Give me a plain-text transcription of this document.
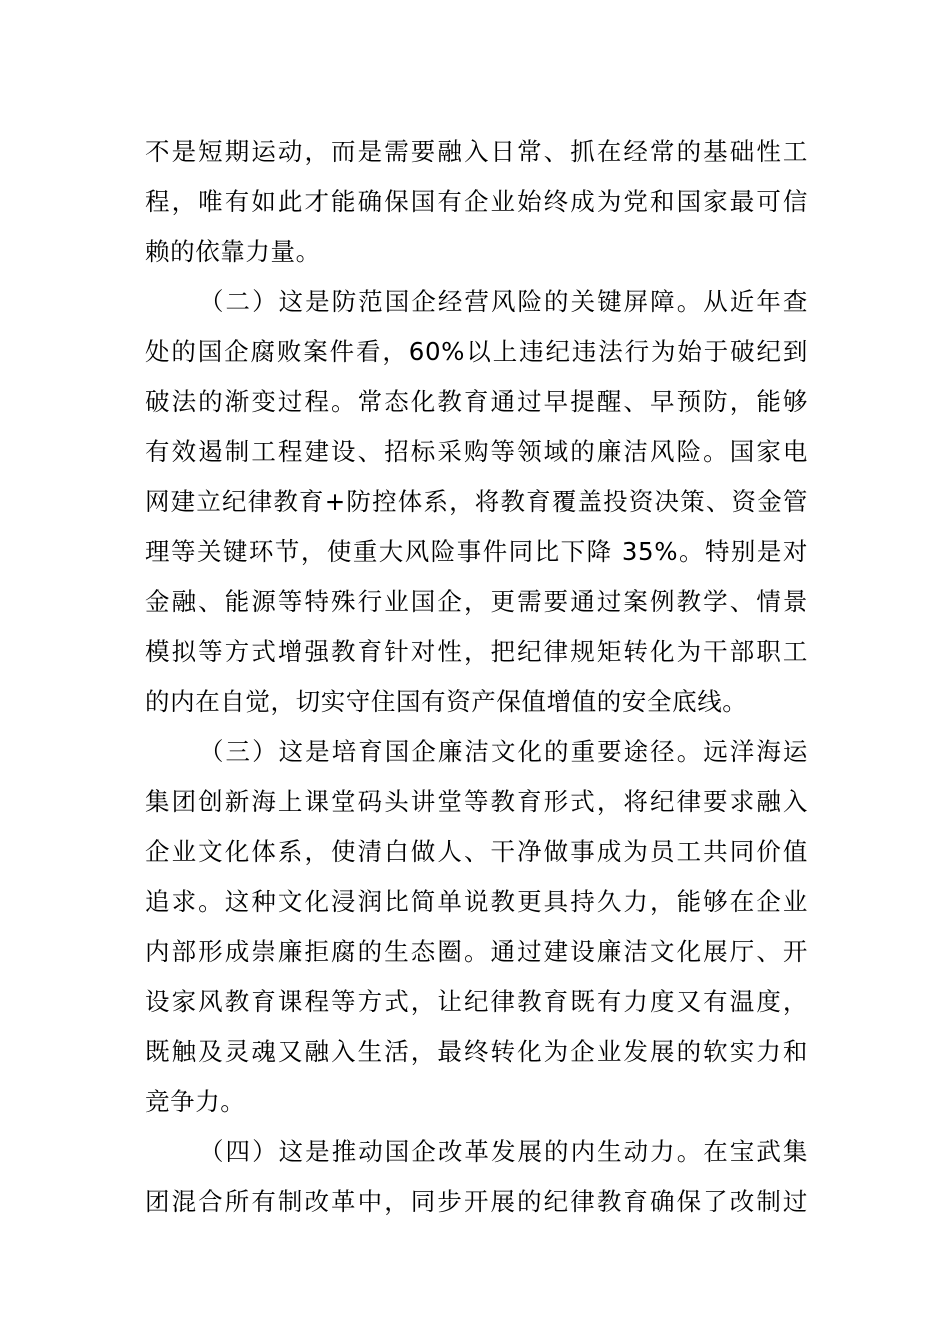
不是短期运动，而是需要融入日常、抓在经常的基础性工
程，唯有如此才能确保国有企业始终成为党和国家最可信
赖的依靠力量。

（二）这是防范国企经营风险的关键屏障。从近年查
处的国企腐败案件看，60%以上违纪违法行为始于破纪到
破法的渐变过程。常态化教育通过早提醒、早预防，能够
有效遏制工程建设、招标采购等领域的廉洁风险。国家电
网建立纪律教育+防控体系，将教育覆盖投资决策、资金管
理等关键环节，使重大风险事件同比下降 35%。特别是对
金融、能源等特殊行业国企，更需要通过案例教学、情景
模拟等方式增强教育针对性，把纪律规矩转化为干部职工
的内在自觉，切实守住国有资产保值增值的安全底线。

（三）这是培育国企廉洁文化的重要途径。远洋海运
集团创新海上课堂码头讲堂等教育形式，将纪律要求融入
企业文化体系，使清白做人、干净做事成为员工共同价值
追求。这种文化浸润比简单说教更具持久力，能够在企业
内部形成崇廉拒腐的生态圈。通过建设廉洁文化展厅、开
设家风教育课程等方式，让纪律教育既有力度又有温度，
既触及灵魂又融入生活，最终转化为企业发展的软实力和
竞争力。

（四）这是推动国企改革发展的内生动力。在宝武集
团混合所有制改革中，同步开展的纪律教育确保了改制过
